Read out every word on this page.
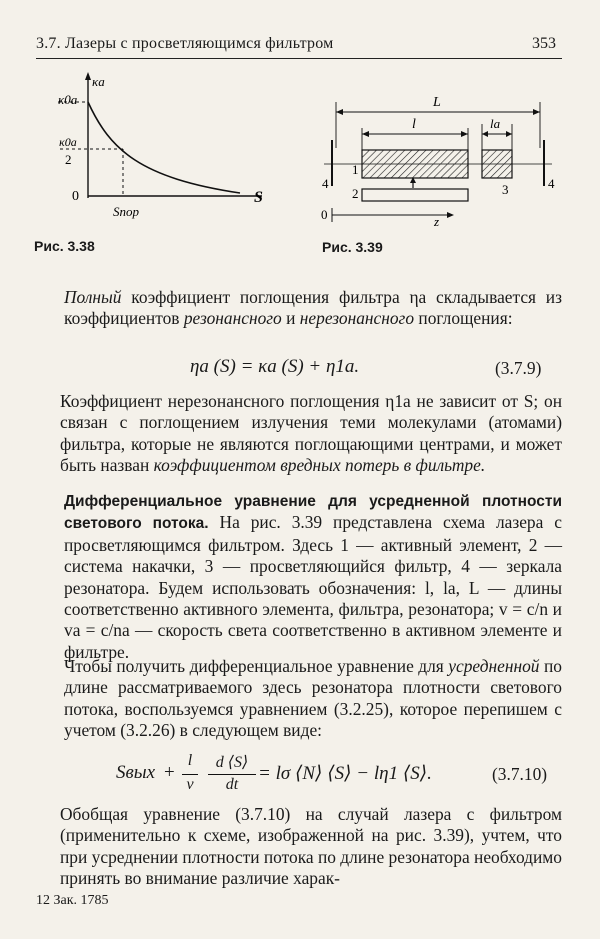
3.7. Лазеры с просветляющимся фильтром	353
κa
κ0a
κ0a
2
0	S
Sпор
Рис. 3.38
L
l	la
1
2	3
4	4
0	z
Рис. 3.39
Полный коэффициент поглощения фильтра ηa складывается из коэффициентов резонансного и нерезонансного поглощения:
ηa (S) = κa (S) + η1a.	(3.7.9)
Коэффициент нерезонансного поглощения η1a не зависит от S; он связан с поглощением излучения теми молекулами (атомами) фильтра, которые не являются поглощающими центрами, и может быть назван коэффициентом вредных потерь в фильтре.
Дифференциальное уравнение для усредненной плотности светового потока. На рис. 3.39 представлена схема лазера с просветляющимся фильтром. Здесь 1 — активный элемент, 2 — система накачки, 3 — просветляющийся фильтр, 4 — зеркала резонатора. Будем использовать обозначения: l, la, L — длины соответственно активного элемента, фильтра, резонатора; v = c/n и va = c/na — скорость света соответственно в активном элементе и фильтре.
Чтобы получить дифференциальное уравнение для усредненной по длине рассматриваемого здесь резонатора плотности светового потока, воспользуемся уравнением (3.2.25), которое перепишем с учетом (3.2.26) в следующем виде:
Sвых +
l
v
d ⟨S⟩
dt
= lσ ⟨N⟩ ⟨S⟩ − lη1 ⟨S⟩.	(3.7.10)
Обобщая уравнение (3.7.10) на случай лазера с фильтром (применительно к схеме, изображенной на рис. 3.39), учтем, что при усреднении плотности потока по длине резонатора необходимо принять во внимание различие харак-
12 Зак. 1785
